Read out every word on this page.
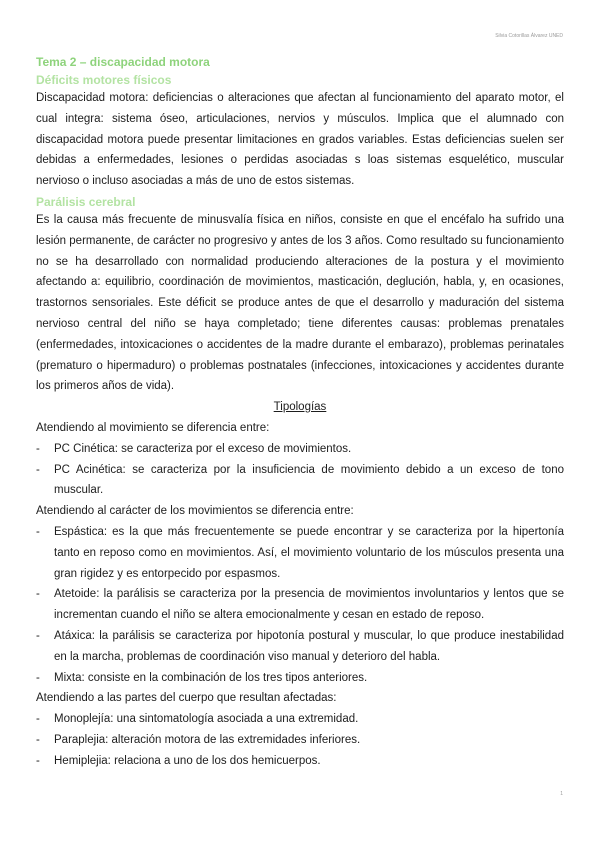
Silvia Cotorillas Álvarez UNED
Tema 2 – discapacidad motora
Déficits motores físicos

Discapacidad motora: deficiencias o alteraciones que afectan al funcionamiento del aparato motor, el cual integra: sistema óseo, articulaciones, nervios y músculos. Implica que el alumnado con discapacidad motora puede presentar limitaciones en grados variables. Estas deficiencias suelen ser debidas a enfermedades, lesiones o perdidas asociadas s loas sistemas esquelético, muscular nervioso o incluso asociadas a más de uno de estos sistemas.

Parálisis cerebral

Es la causa más frecuente de minusvalía física en niños, consiste en que el encéfalo ha sufrido una lesión permanente, de carácter no progresivo y antes de los 3 años. Como resultado su funcionamiento no se ha desarrollado con normalidad produciendo alteraciones de la postura y el movimiento afectando a: equilibrio, coordinación de movimientos, masticación, deglución, habla, y, en ocasiones, trastornos sensoriales. Este déficit se produce antes de que el desarrollo y maduración del sistema nervioso central del niño se haya completado; tiene diferentes causas: problemas prenatales (enfermedades, intoxicaciones o accidentes de la madre durante el embarazo), problemas perinatales (prematuro o hipermaduro) o problemas postnatales (infecciones, intoxicaciones y accidentes durante los primeros años de vida).

Tipologías

Atendiendo al movimiento se diferencia entre:

- PC Cinética: se caracteriza por el exceso de movimientos.
- PC Acinética: se caracteriza por la insuficiencia de movimiento debido a un exceso de tono muscular.

Atendiendo al carácter de los movimientos se diferencia entre:

- Espástica: es la que más frecuentemente se puede encontrar y se caracteriza por la hipertonía tanto en reposo como en movimientos. Así, el movimiento voluntario de los músculos presenta una gran rigidez y es entorpecido por espasmos.
- Atetoide: la parálisis se caracteriza por la presencia de movimientos involuntarios y lentos que se incrementan cuando el niño se altera emocionalmente y cesan en estado de reposo.
- Atáxica: la parálisis se caracteriza por hipotonía postural y muscular, lo que produce inestabilidad en la marcha, problemas de coordinación viso manual y deterioro del habla.
- Mixta: consiste en la combinación de los tres tipos anteriores.

Atendiendo a las partes del cuerpo que resultan afectadas:

- Monoplejía: una sintomatología asociada a una extremidad.
- Paraplejia: alteración motora de las extremidades inferiores.
- Hemiplejia: relaciona a uno de los dos hemicuerpos.
1
